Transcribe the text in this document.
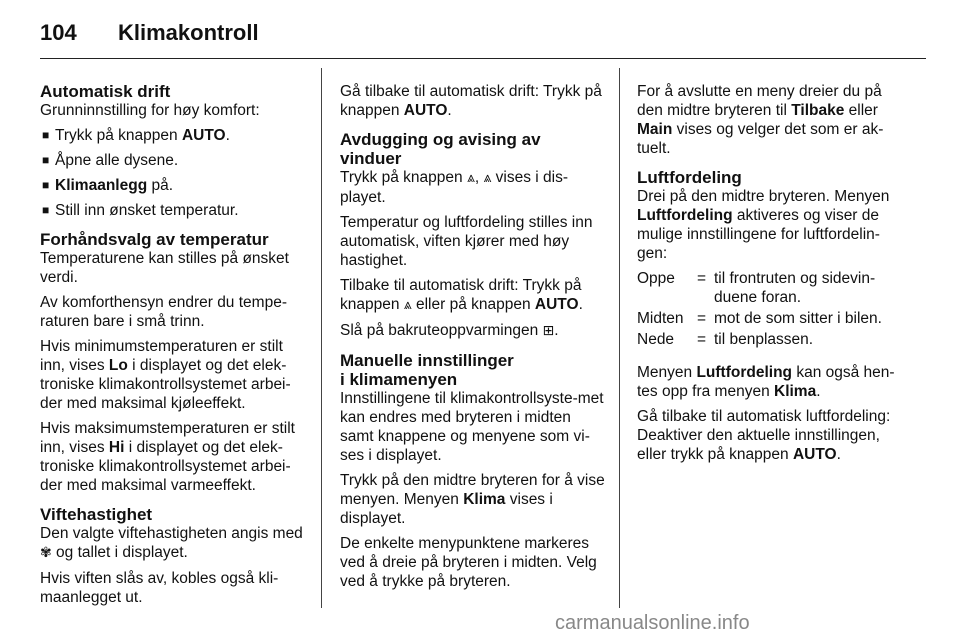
104 Klimakontroll
Automatisk drift

Grunninnstilling for høy komfort:

■ Trykk på knappen AUTO.
■ Åpne alle dysene.
■ Klimaanlegg på.
■ Still inn ønsket temperatur.
Forhåndsvalg av temperatur

Temperaturene kan stilles på ønsket verdi.

Av komforthensyn endrer du tempe-raturen bare i små trinn.

Hvis minimumstemperaturen er stilt inn, vises Lo i displayet og det elek-troniske klimakontrollsystemet arbei-der med maksimal kjøleeffekt.

Hvis maksimumstemperaturen er stilt inn, vises Hi i displayet og det elek-troniske klimakontrollsystemet arbei-der med maksimal varmeeffekt.

Viftehastighet

Den valgte viftehastigheten angis med ✾ og tallet i displayet.

Hvis viften slås av, kobles også kli-maanlegget ut.

Gå tilbake til automatisk drift: Trykk på knappen AUTO.

Avdugging og avising av vinduer

Trykk på knappen ⩓, ⩓ vises i dis-playet.

Temperatur og luftfordeling stilles inn automatisk, viften kjører med høy hastighet.

Tilbake til automatisk drift: Trykk på knappen ⩓ eller på knappen AUTO.

Slå på bakruteoppvarmingen ⊞.

Manuelle innstillinger
i klimamenyen

Innstillingene til klimakontrollsyste-met kan endres med bryteren i midten samt knappene og menyene som vi-ses i displayet.

Trykk på den midtre bryteren for å vise menyen. Menyen Klima vises i displayet.

De enkelte menypunktene markeres ved å dreie på bryteren i midten. Velg ved å trykke på bryteren.

For å avslutte en meny dreier du på den midtre bryteren til Tilbake eller Main vises og velger det som er ak-tuelt.

Luftfordeling

Drei på den midtre bryteren. Menyen Luftfordeling aktiveres og viser de mulige innstillingene for luftfordelin-gen:

Oppe	=	til frontruten og sidevin-duene foran.
Midten	=	mot de som sitter i bilen.
Nede	=	til benplassen.

Menyen Luftfordeling kan også hen-tes opp fra menyen Klima.

Gå tilbake til automatisk luftfordeling: Deaktiver den aktuelle innstillingen, eller trykk på knappen AUTO.

carmanualsonline.info
